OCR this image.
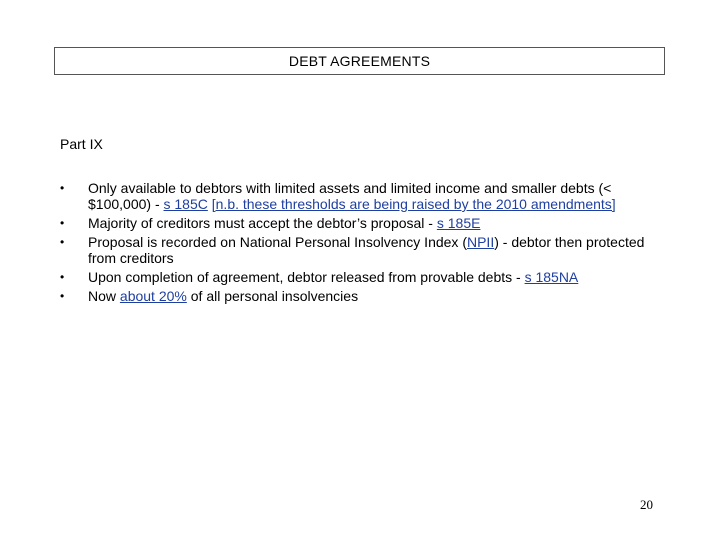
DEBT AGREEMENTS
Part IX
• Only available to debtors with limited assets and limited income and smaller debts (< $100,000) - s 185C [n.b. these thresholds are being raised by the 2010 amendments]
• Majority of creditors must accept the debtor’s proposal - s 185E
• Proposal is recorded on National Personal Insolvency Index (NPII) - debtor then protected from creditors
• Upon completion of agreement, debtor released from provable debts - s 185NA
• Now about 20% of all personal insolvencies
20
